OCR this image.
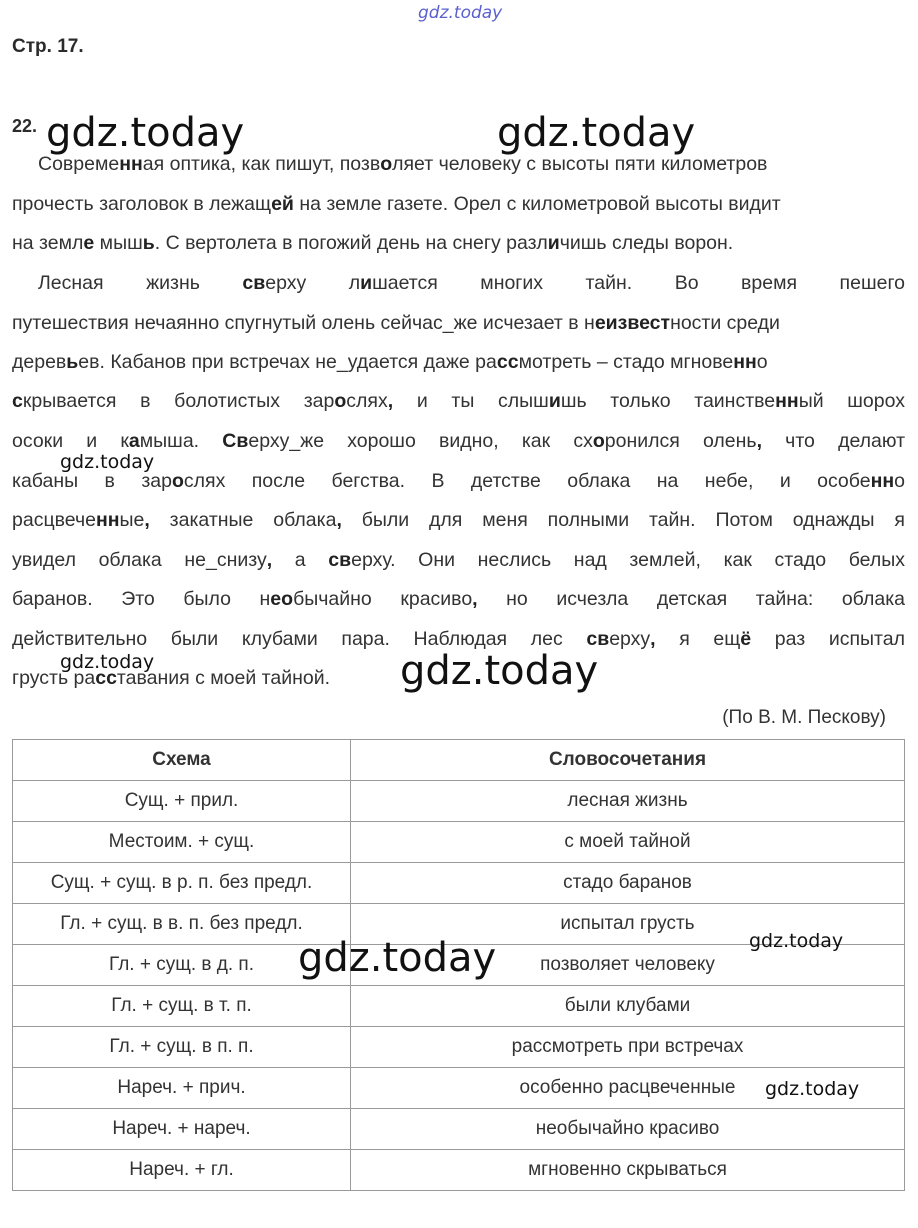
gdz.today
Стр. 17.
22.
Современная оптика, как пишут, позволяет человеку с высоты пяти километров
прочесть заголовок в лежащей на земле газете. Орел с километровой высоты видит
на земле мышь. С вертолета в погожий день на снегу различишь следы ворон.
Лесная жизнь сверху лишается многих тайн. Во время пешего
путешествия нечаянно спугнутый олень сейчас_же исчезает в неизвестности среди
деревьев. Кабанов при встречах не_удается даже рассмотреть – стадо мгновенно
скрывается в болотистых зарослях, и ты слышишь только таинственный шорох
осоки и камыша. Сверху_же хорошо видно, как схоронился олень, что делают
кабаны в зарослях после бегства. В детстве облака на небе, и особенно
расцвеченные, закатные облака, были для меня полными тайн. Потом однажды я
увидел облака не_снизу, а сверху. Они неслись над землей, как стадо белых
баранов. Это было необычайно красиво, но исчезла детская тайна: облака
действительно были клубами пара. Наблюдая лес сверху, я ещё раз испытал
грусть расставания с моей тайной.
(По В. М. Пескову)
Схема	Словосочетания
Сущ. + прил.	лесная жизнь
Местоим. + сущ.	с моей тайной
Сущ. + сущ. в р. п. без предл.	стадо баранов
Гл. + сущ. в в. п. без предл.	испытал грусть
Гл. + сущ. в д. п.	позволяет человеку
Гл. + сущ. в т. п.	были клубами
Гл. + сущ. в п. п.	рассмотреть при встречах
Нареч. + прич.	особенно расцвеченные
Нареч. + нареч.	необычайно красиво
Нареч. + гл.	мгновенно скрываться
gdz.today	gdz.today
gdz.today
gdz.today	gdz.today
gdz.today	gdz.today
gdz.today
